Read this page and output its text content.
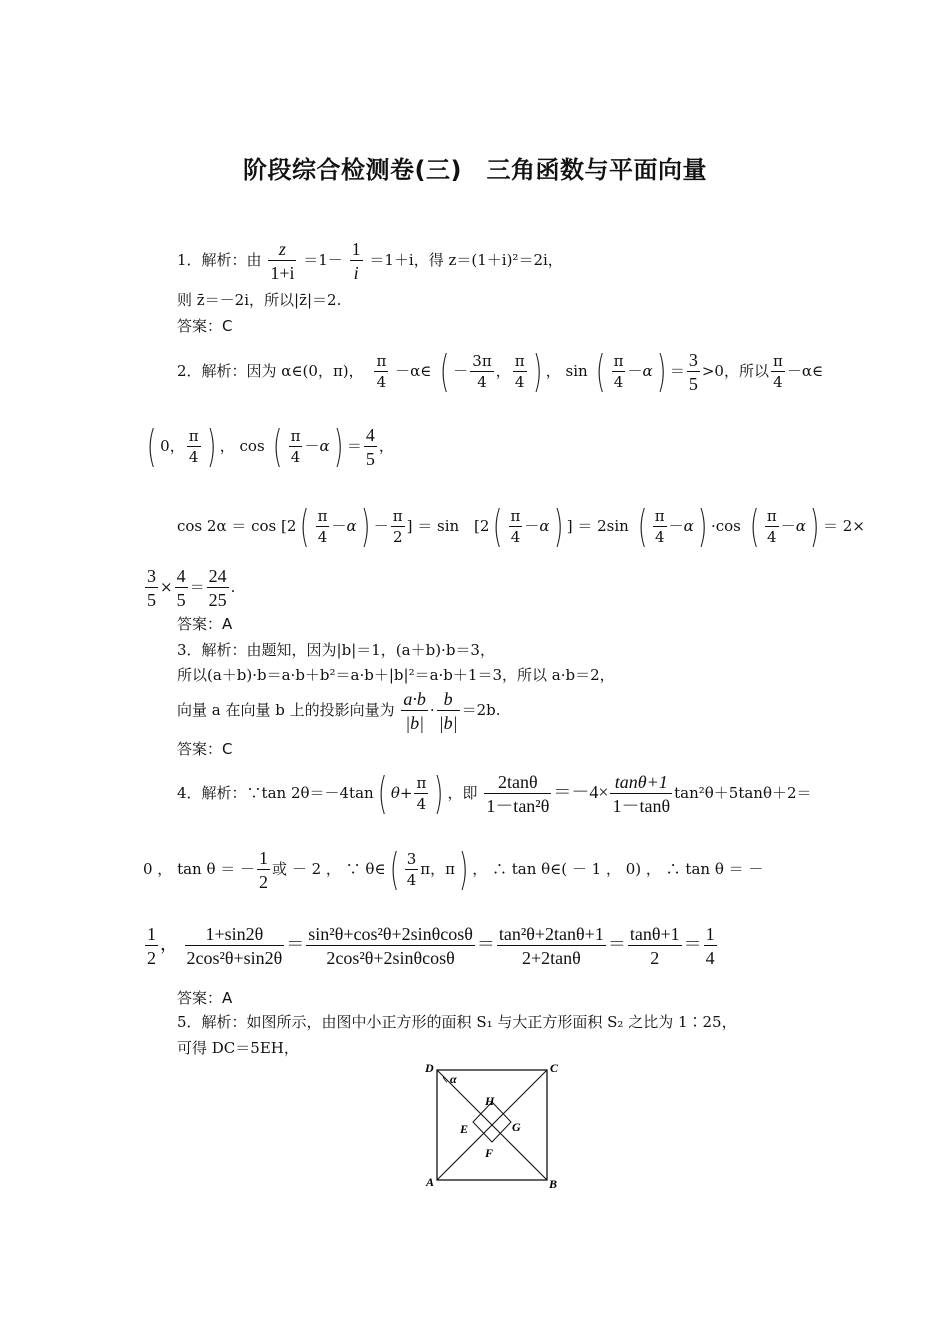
阶段综合检测卷(三)　三角函数与平面向量
1．解析：由 $\frac{z}{1+i} =1- \frac{1}{i} =1+i$，得 z＝(1＋i)²＝2i，
则 z̄＝－2i，所以|z̄|＝2.
答案：C
2．解析：因为 α∈(0，π)， $\frac{\pi}{4}$ －α∈ ( － $\frac{3\pi}{4}$ ， $\frac{\pi}{4}$ ) ， sin ( $\frac{\pi}{4} -\alpha) = \frac{3}{5} >0$，所以 $\frac{\pi}{4}$ －α∈
( 0， $\frac{\pi}{4}$ ) ， cos ( $\frac{\pi}{4} -\alpha) = \frac{4}{5}$ ，
$\cos 2\alpha = \cos [2( \frac{\pi}{4} -\alpha) - \frac{\pi}{2}$ ] ＝ $\sin [2( \frac{\pi}{4} -\alpha)$ ] ＝ 2sin ( $\frac{\pi}{4} -\alpha) \cdot\cos$ ( $\frac{\pi}{4} -\alpha) = 2\times$
$\frac{3}{5} \times \frac{4}{5} = \frac{24}{25}$ .
答案：A
3．解析：由题知，因为|b|＝1，(a＋b)·b＝3，
所以(a＋b)·b＝a·b＋b²＝a·b＋|b|²＝a·b＋1＝3，所以 a·b＝2，
向量 a 在向量 b 上的投影向量为 $\frac{a\cdot b}{|b|} \cdot \frac{b}{|b|} =2b$.
答案：C
4．解析：∵tan 2θ＝－4tan( $\theta+ \frac{\pi}{4}$ ) ，即 $\frac{2\tan\theta}{\text{1－tan²θ}} =-4\times \frac{\tan\theta+1}{1-\tan\theta} \tan^2\theta+5\tan\theta+2=$
0 ， tan θ ＝ － $\frac{1}{2}$ 或 － 2 ， ∵ θ∈( $\frac{3}{4}$ π，π) ， ∴ tan θ∈( － 1 ， 0) ， ∴ tan θ ＝ －
$\frac{1}{2}$ ， $\frac{1+\sin 2\theta}{\text{2cos²θ+sin2θ}} = \frac{\text{sin²θ+cos²θ+2sinθcosθ}}{\text{2cos²θ+2sinθcosθ}} = \frac{\text{tan²θ+2tanθ+1}}{2+2\tan\theta} = \frac{\tan\theta+1}{2} = \frac{1}{4}$
答案：A
5．解析：如图所示，由图中小正方形的面积 S₁ 与大正方形面积 S₂ 之比为 1∶25，
可得 DC＝5EH，
D	C
A	B
E
F
G
H
α
